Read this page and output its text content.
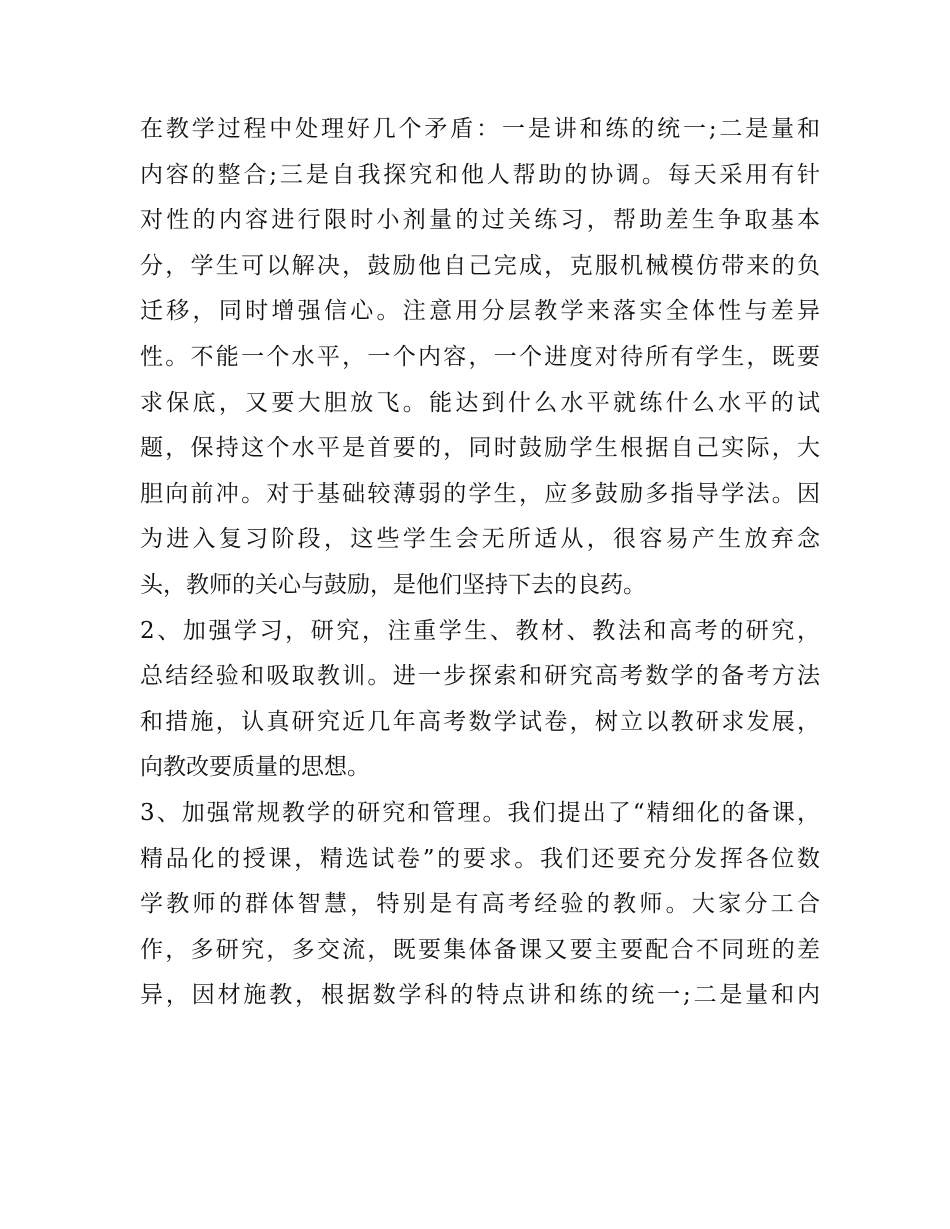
在教学过程中处理好几个矛盾：一是讲和练的统一;二是量和
内容的整合;三是自我探究和他人帮助的协调。每天采用有针
对性的内容进行限时小剂量的过关练习，帮助差生争取基本
分，学生可以解决，鼓励他自己完成，克服机械模仿带来的负
迁移，同时增强信心。注意用分层教学来落实全体性与差异
性。不能一个水平，一个内容，一个进度对待所有学生，既要
求保底，又要大胆放飞。能达到什么水平就练什么水平的试
题，保持这个水平是首要的，同时鼓励学生根据自己实际，大
胆向前冲。对于基础较薄弱的学生，应多鼓励多指导学法。因
为进入复习阶段，这些学生会无所适从，很容易产生放弃念
头，教师的关心与鼓励，是他们坚持下去的良药。
2、加强学习，研究，注重学生、教材、教法和高考的研究，
总结经验和吸取教训。进一步探索和研究高考数学的备考方法
和措施，认真研究近几年高考数学试卷，树立以教研求发展，
向教改要质量的思想。
3、加强常规教学的研究和管理。我们提出了“精细化的备课，
精品化的授课，精选试卷”的要求。我们还要充分发挥各位数
学教师的群体智慧，特别是有高考经验的教师。大家分工合
作，多研究，多交流，既要集体备课又要主要配合不同班的差
异，因材施教，根据数学科的特点讲和练的统一;二是量和内
